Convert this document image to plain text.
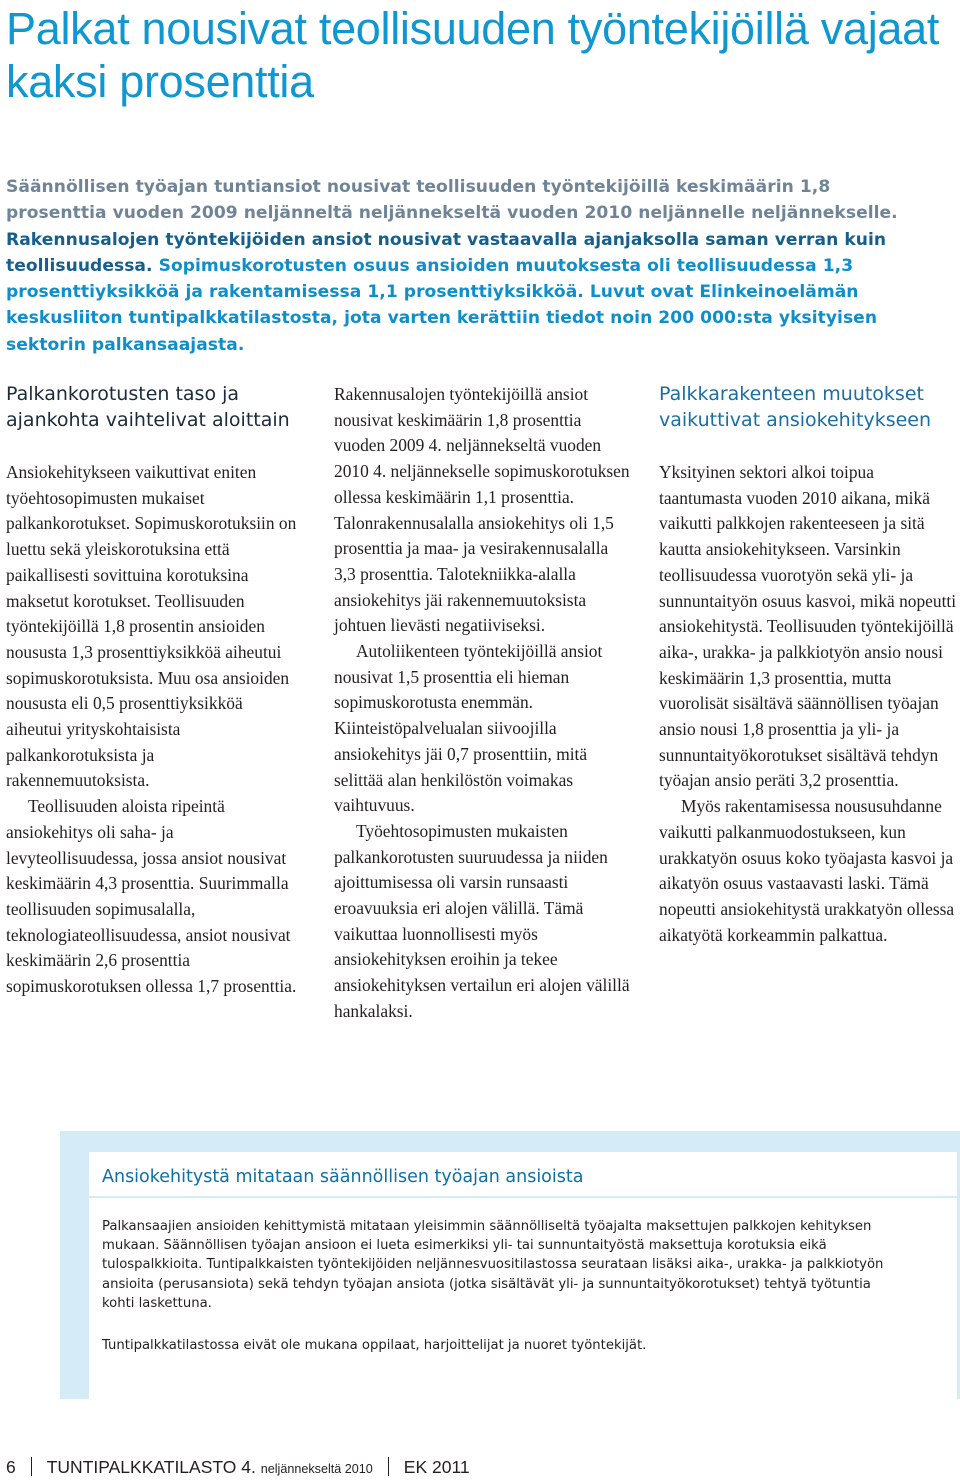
Palkat nousivat teollisuuden työntekijöillä vajaat kaksi prosenttia

Säännöllisen työajan tuntiansiot nousivat teollisuuden työntekijöillä keskimäärin 1,8 prosenttia vuoden 2009 neljänneltä neljännekseltä vuoden 2010 neljännelle neljännekselle. Rakennusalojen työntekijöiden ansiot nousivat vastaavalla ajanjaksolla saman verran kuin teollisuudessa. Sopimuskorotusten osuus ansioiden muutoksesta oli teollisuudessa 1,3 prosenttiyksikköä ja rakentamisessa 1,1 prosenttiyksikköä. Luvut ovat Elinkeinoelämän keskusliiton tuntipalkkatilastosta, jota varten kerättiin tiedot noin 200 000:sta yksityisen sektorin palkansaajasta.

Palkankorotusten taso ja ajankohta vaihtelivat aloittain

Ansiokehitykseen vaikuttivat eniten työehtosopimusten mukaiset palkankorotukset. Sopimuskorotuksiin on luettu sekä yleiskorotuksina että paikallisesti sovittuina korotuksina maksetut korotukset. Teollisuuden työntekijöillä 1,8 prosentin ansioiden noususta 1,3 prosenttiyksikköä aiheutui sopimuskorotuksista. Muu osa ansioiden noususta eli 0,5 prosenttiyksikköä aiheutui yrityskohtaisista palkankorotuksista ja rakennemuutoksista.

Teollisuuden aloista ripeintä ansiokehitys oli saha- ja levyteollisuudessa, jossa ansiot nousivat keskimäärin 4,3 prosenttia. Suurimmalla teollisuuden sopimusalalla, teknologiateollisuudessa, ansiot nousivat keskimäärin 2,6 prosenttia sopimuskorotuksen ollessa 1,7 prosenttia.

Rakennusalojen työntekijöillä ansiot nousivat keskimäärin 1,8 prosenttia vuoden 2009 4. neljännekseltä vuoden 2010 4. neljännekselle sopimuskorotuksen ollessa keskimäärin 1,1 prosenttia. Talonrakennusalalla ansiokehitys oli 1,5 prosenttia ja maa- ja vesirakennusalalla 3,3 prosenttia. Talotekniikka-alalla ansiokehitys jäi rakennemuutoksista johtuen lievästi negatiiviseksi.

Autoliikenteen työntekijöillä ansiot nousivat 1,5 prosenttia eli hieman sopimuskorotusta enemmän. Kiinteistöpalvelualan siivoojilla ansiokehitys jäi 0,7 prosenttiin, mitä selittää alan henkilöstön voimakas vaihtuvuus.

Työehtosopimusten mukaisten palkankorotusten suuruudessa ja niiden ajoittumisessa oli varsin runsaasti eroavuuksia eri alojen välillä. Tämä vaikuttaa luonnollisesti myös ansiokehityksen eroihin ja tekee ansiokehityksen vertailun eri alojen välillä hankalaksi.

Palkkarakenteen muutokset vaikuttivat ansiokehitykseen

Yksityinen sektori alkoi toipua taantumasta vuoden 2010 aikana, mikä vaikutti palkkojen rakenteeseen ja sitä kautta ansiokehitykseen. Varsinkin teollisuudessa vuorotyön sekä yli- ja sunnuntaityön osuus kasvoi, mikä nopeutti ansiokehitystä. Teollisuuden työntekijöillä aika-, urakka- ja palkkiotyön ansio nousi keskimäärin 1,3 prosenttia, mutta vuorolisät sisältävä säännöllisen työajan ansio nousi 1,8 prosenttia ja yli- ja sunnuntaityökorotukset sisältävä tehdyn työajan ansio peräti 3,2 prosenttia.

Myös rakentamisessa noususuhdanne vaikutti palkanmuodostukseen, kun urakkatyön osuus koko työajasta kasvoi ja aikatyön osuus vastaavasti laski. Tämä nopeutti ansiokehitystä urakkatyön ollessa aikatyötä korkeammin palkattua.

Ansiokehitystä mitataan säännöllisen työajan ansioista

Palkansaajien ansioiden kehittymistä mitataan yleisimmin säännölliseltä työajalta maksettujen palkkojen kehityksen mukaan. Säännöllisen työajan ansioon ei lueta esimerkiksi yli- tai sunnuntaityöstä maksettuja korotuksia eikä tulospalkkioita. Tuntipalkkaisten työntekijöiden neljännesvuositilastossa seurataan lisäksi aika-, urakka- ja palkkiotyön ansioita (perusansiota) sekä tehdyn työajan ansiota (jotka sisältävät yli- ja sunnuntaityökorotukset) tehtyä työtuntia kohti laskettuna.

Tuntipalkkatilastossa eivät ole mukana oppilaat, harjoittelijat ja nuoret työntekijät.

6 TUNTIPALKKATILASTO 4. neljännekseltä 2010 EK 2011
